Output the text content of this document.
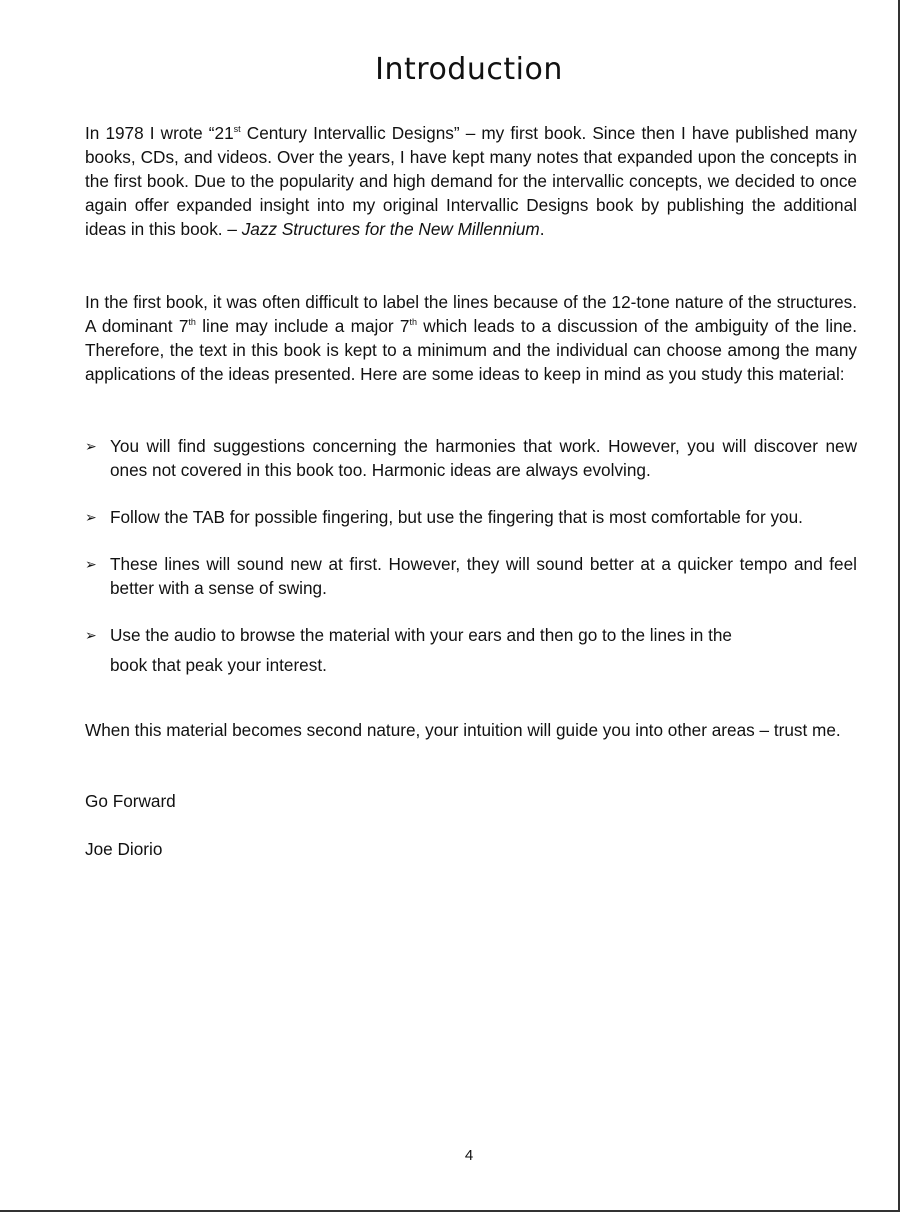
Introduction

In 1978 I wrote “21st Century Intervallic Designs” – my first book. Since then I have published many books, CDs, and videos. Over the years, I have kept many notes that expanded upon the concepts in the first book. Due to the popularity and high demand for the intervallic concepts, we decided to once again offer expanded insight into my original Intervallic Designs book by publishing the additional ideas in this book. – Jazz Structures for the New Millennium.

In the first book, it was often difficult to label the lines because of the 12-tone nature of the structures. A dominant 7th line may include a major 7th which leads to a discussion of the ambiguity of the line. Therefore, the text in this book is kept to a minimum and the individual can choose among the many applications of the ideas presented. Here are some ideas to keep in mind as you study this material:

➢ You will find suggestions concerning the harmonies that work. However, you will discover new ones not covered in this book too. Harmonic ideas are always evolving.
➢ Follow the TAB for possible fingering, but use the fingering that is most comfortable for you.
➢ These lines will sound new at first. However, they will sound better at a quicker tempo and feel better with a sense of swing.
➢ Use the audio to browse the material with your ears and then go to the lines in the
book that peak your interest.

When this material becomes second nature, your intuition will guide you into other areas – trust me.

Go Forward
Joe Diorio
4
